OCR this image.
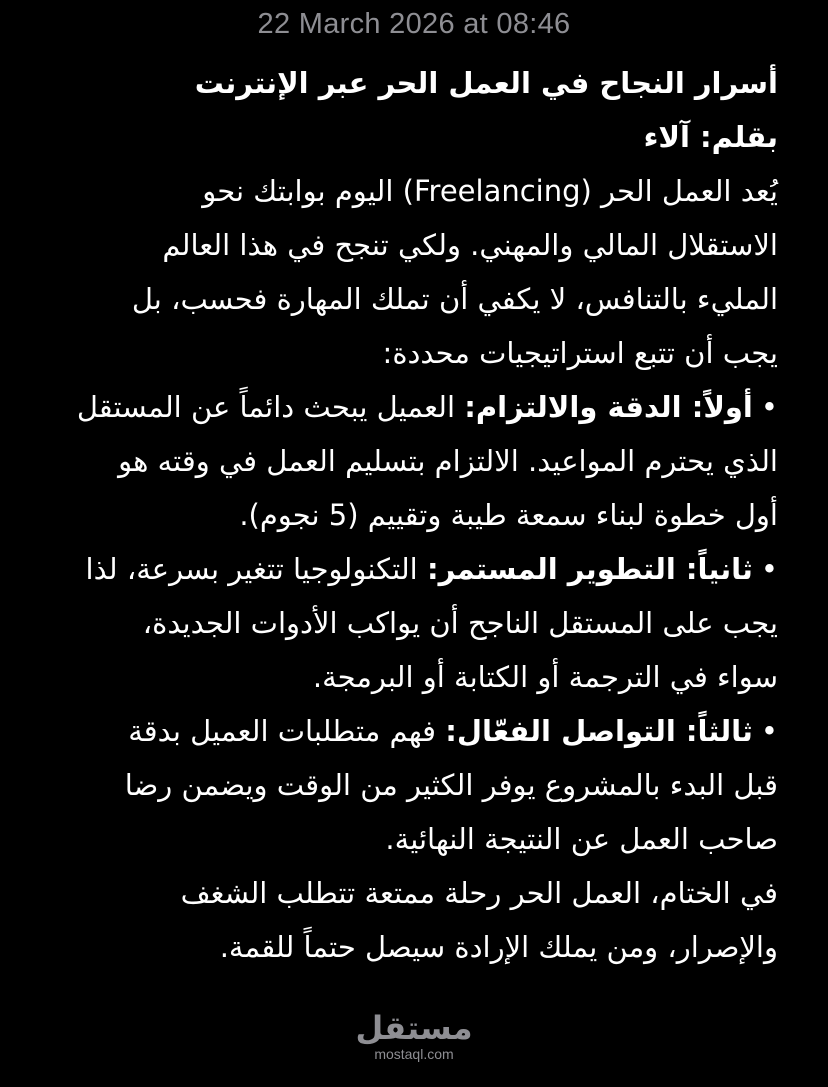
22 March 2026 at 08:46
أسرار النجاح في العمل الحر عبر الإنترنت
بقلم: آلاء
يُعد العمل الحر (Freelancing) اليوم بوابتك نحو
الاستقلال المالي والمهني. ولكي تنجح في هذا العالم
المليء بالتنافس، لا يكفي أن تملك المهارة فحسب، بل
يجب أن تتبع استراتيجيات محددة:
•أولاً: الدقة والالتزام: العميل يبحث دائماً عن المستقل
الذي يحترم المواعيد. الالتزام بتسليم العمل في وقته هو
أول خطوة لبناء سمعة طيبة وتقييم (5 نجوم).
•ثانياً: التطوير المستمر: التكنولوجيا تتغير بسرعة، لذا
يجب على المستقل الناجح أن يواكب الأدوات الجديدة،
سواء في الترجمة أو الكتابة أو البرمجة.
•ثالثاً: التواصل الفعّال: فهم متطلبات العميل بدقة
قبل البدء بالمشروع يوفر الكثير من الوقت ويضمن رضا
صاحب العمل عن النتيجة النهائية.
في الختام، العمل الحر رحلة ممتعة تتطلب الشغف
والإصرار، ومن يملك الإرادة سيصل حتماً للقمة.
مستقل
mostaql.com
